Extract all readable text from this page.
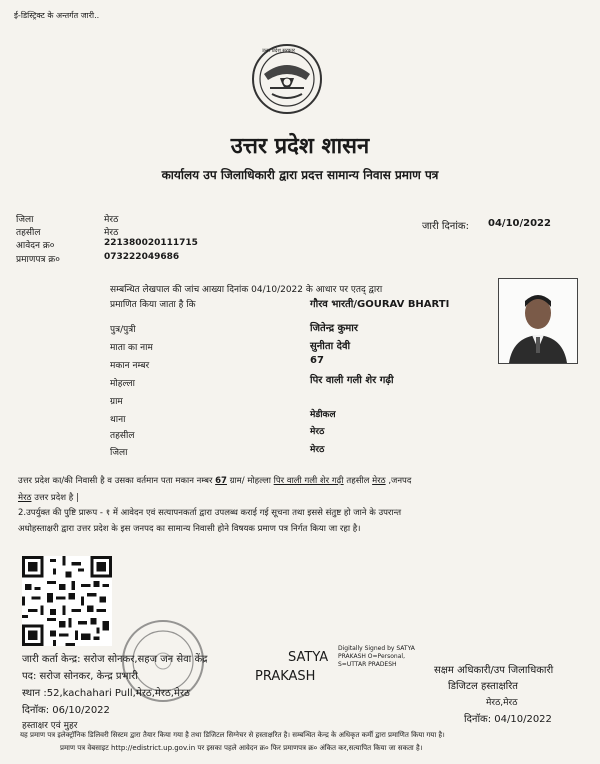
ई-डिस्ट्रिक्ट के अन्तर्गत जारी..
उत्तर प्रदेश सरकार
उत्तर प्रदेश शासन
कार्यालय उप जिलाधिकारी द्वारा प्रदत्त सामान्य निवास प्रमाण पत्र
जिला	मेरठ
तहसील	मेरठ
आवेदन क्र०	221380020111715
प्रमाणपत्र क्र०	073222049686
जारी दिनांक: 04/10/2022
सम्बन्धित लेखपाल की जांच आख्या दिनांक 04/10/2022 के आधार पर एतद् द्वारा
प्रमाणित किया जाता है कि	गौरव भारती/GOURAV BHARTI
पुत्र/पुत्री	जितेन्द्र कुमार
माता का नाम	सुनीता देवी
मकान नम्बर	67
मोहल्ला	पिर वाली गली शेर गढ़ी
ग्राम
थाना	मेडीकल
तहसील	मेरठ
जिला	मेरठ
उत्तर प्रदेश का/की निवासी है व उसका वर्तमान पता मकान नम्बर 67 ग्राम/ मोहल्ला पिर वाली गली शेर गढ़ी तहसील मेरठ ,जनपद
मेरठ उत्तर प्रदेश है |
2.उपर्युक्त की पुष्टि प्रारूप - १ में आवेदन एवं सत्यापनकर्ता द्वारा उपलब्ध कराई गई सूचना तथा इससे संतुष्ट हो जाने के उपरान्त
अधोहस्ताक्षरी द्वारा उत्तर प्रदेश के इस जनपद का सामान्य निवासी होने विषयक प्रमाण पत्र निर्गत किया जा रहा है।
जारी कर्ता केन्द्र: सरोज सोनकर,सहज जन सेवा केंद्र
पद: सरोज सोनकर, केन्द्र प्रभारी
स्थान :52,kachahari Pull,मेरठ,मेरठ,मेरठ
दिनॉक: 06/10/2022
हस्ताक्षर एवं मुहर
SATYA
PRAKASH
Digitally Signed by SATYA
PRAKASH O=Personal,
S=UTTAR PRADESH
सक्षम अधिकारी/उप जिलाधिकारी
डिजिटल हस्ताक्षरित
मेरठ,मेरठ
दिनॉक: 04/10/2022
यह प्रमाण पत्र इलेक्ट्रॉनिक डिलिवरी सिस्टम द्वारा तैयार किया गया है तथा डिजिटल सिग्नेचर से हस्ताक्षरित है। सम्बन्धित केन्द्र के अधिकृत कर्मी द्वारा प्रमाणित किया गया है।
प्रमाण पत्र वेबसाइट http://edistrict.up.gov.in पर इसका पहले आवेदन क्र० फिर प्रमाणपत्र क्र० अंकित कर,सत्यापित किया जा सकता है।
